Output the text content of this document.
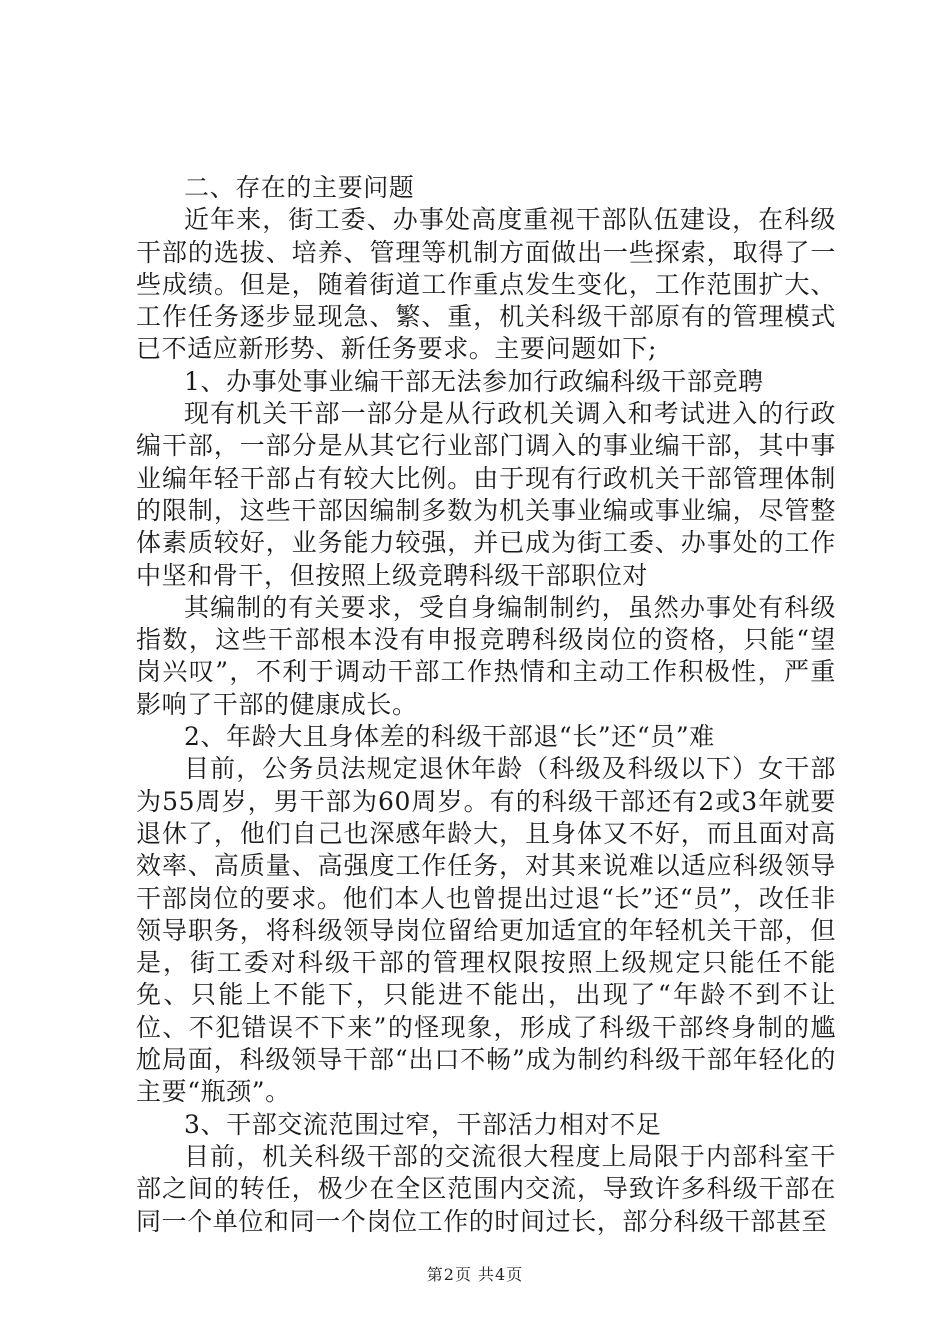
二、存在的主要问题

近年来，街工委、办事处高度重视干部队伍建设，在科级干部的选拔、培养、管理等机制方面做出一些探索，取得了一些成绩。但是，随着街道工作重点发生变化，工作范围扩大、工作任务逐步显现急、繁、重，机关科级干部原有的管理模式已不适应新形势、新任务要求。主要问题如下;

1、办事处事业编干部无法参加行政编科级干部竞聘

现有机关干部一部分是从行政机关调入和考试进入的行政编干部，一部分是从其它行业部门调入的事业编干部，其中事业编年轻干部占有较大比例。由于现有行政机关干部管理体制的限制，这些干部因编制多数为机关事业编或事业编，尽管整体素质较好，业务能力较强，并已成为街工委、办事处的工作中坚和骨干，但按照上级竞聘科级干部职位对

其编制的有关要求，受自身编制制约，虽然办事处有科级指数，这些干部根本没有申报竞聘科级岗位的资格，只能“望岗兴叹”，不利于调动干部工作热情和主动工作积极性，严重影响了干部的健康成长。

2、年龄大且身体差的科级干部退“长”还“员”难

目前，公务员法规定退休年龄（科级及科级以下）女干部为55周岁，男干部为60周岁。有的科级干部还有2或3年就要退休了，他们自己也深感年龄大，且身体又不好，而且面对高效率、高质量、高强度工作任务，对其来说难以适应科级领导干部岗位的要求。他们本人也曾提出过退“长”还“员”，改任非领导职务，将科级领导岗位留给更加适宜的年轻机关干部，但是，街工委对科级干部的管理权限按照上级规定只能任不能免、只能上不能下，只能进不能出，出现了“年龄不到不让位、不犯错误不下来”的怪现象，形成了科级干部终身制的尴尬局面，科级领导干部“出口不畅”成为制约科级干部年轻化的主要“瓶颈”。

3、干部交流范围过窄，干部活力相对不足

目前，机关科级干部的交流很大程度上局限于内部科室干部之间的转任，极少在全区范围内交流，导致许多科级干部在同一个单位和同一个岗位工作的时间过长，部分科级干部甚至

第2页 共4页
